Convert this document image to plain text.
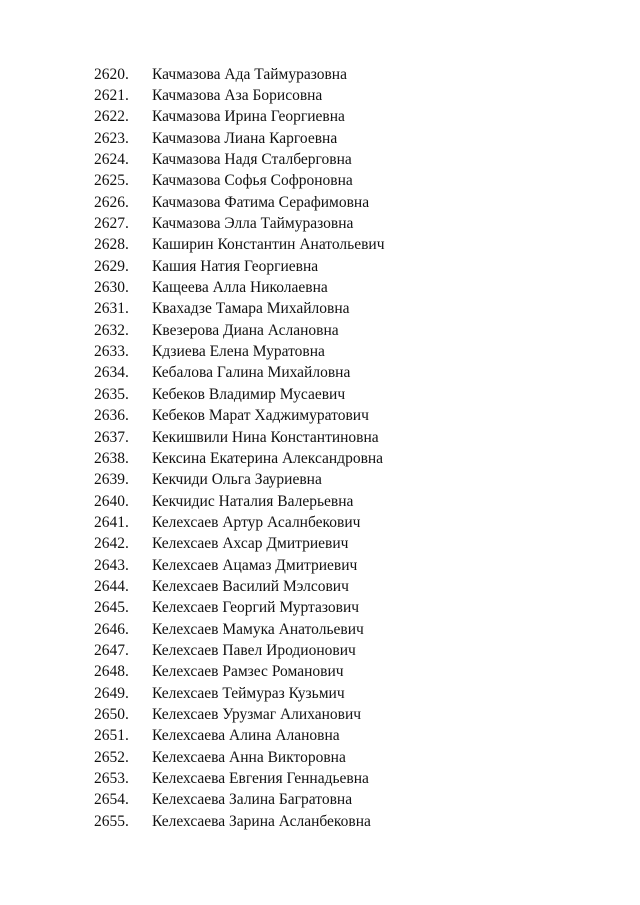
2620.	Качмазова Ада Таймуразовна
2621.	Качмазова Аза Борисовна
2622.	Качмазова Ирина Георгиевна
2623.	Качмазова Лиана Каргоевна
2624.	Качмазова Надя Сталберговна
2625.	Качмазова Софья Софроновна
2626.	Качмазова Фатима Серафимовна
2627.	Качмазова Элла Таймуразовна
2628.	Каширин Константин Анатольевич
2629.	Кашия Натия Георгиевна
2630.	Кащеева Алла Николаевна
2631.	Квахадзе Тамара Михайловна
2632.	Квезерова Диана Аслановна
2633.	Кдзиева Елена Муратовна
2634.	Кебалова Галина Михайловна
2635.	Кебеков Владимир Мусаевич
2636.	Кебеков Марат Хаджимуратович
2637.	Кекишвили Нина Константиновна
2638.	Кексина Екатерина Александровна
2639.	Кекчиди Ольга Зауриевна
2640.	Кекчидис Наталия Валерьевна
2641.	Келехсаев Артур Асалнбекович
2642.	Келехсаев Ахсар Дмитриевич
2643.	Келехсаев Ацамаз Дмитриевич
2644.	Келехсаев Василий Мэлсович
2645.	Келехсаев Георгий Муртазович
2646.	Келехсаев Мамука Анатольевич
2647.	Келехсаев Павел Иродионович
2648.	Келехсаев Рамзес Романович
2649.	Келехсаев Теймураз Кузьмич
2650.	Келехсаев Урузмаг Алиханович
2651.	Келехсаева Алина Алановна
2652.	Келехсаева Анна Викторовна
2653.	Келехсаева Евгения Геннадьевна
2654.	Келехсаева Залина Багратовна
2655.	Келехсаева Зарина Асланбековна
